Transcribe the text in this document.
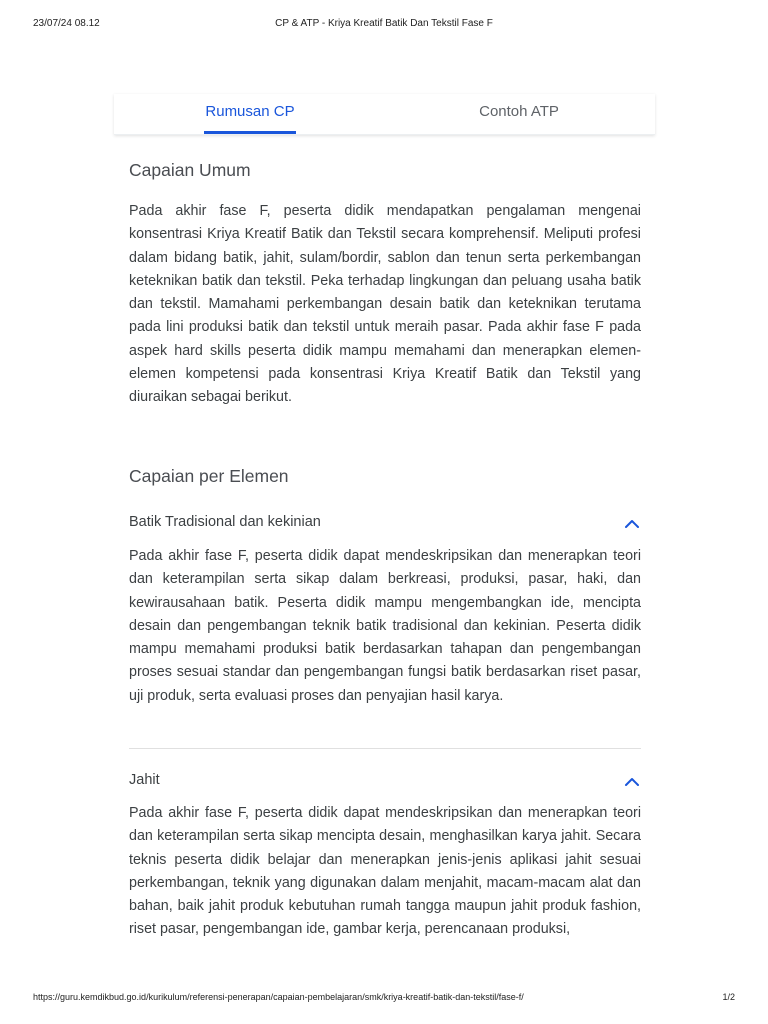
23/07/24 08.12	CP & ATP - Kriya Kreatif Batik Dan Tekstil Fase F
Rumusan CP	Contoh ATP
Capaian Umum

Pada akhir fase F, peserta didik mendapatkan pengalaman mengenai konsentrasi Kriya Kreatif Batik dan Tekstil secara komprehensif. Meliputi profesi dalam bidang batik, jahit, sulam/bordir, sablon dan tenun serta perkembangan keteknikan batik dan tekstil. Peka terhadap lingkungan dan peluang usaha batik dan tekstil. Mamahami perkembangan desain batik dan keteknikan terutama pada lini produksi batik dan tekstil untuk meraih pasar. Pada akhir fase F pada aspek hard skills peserta didik mampu memahami dan menerapkan elemen-elemen kompetensi pada konsentrasi Kriya Kreatif Batik dan Tekstil yang diuraikan sebagai berikut.

Capaian per Elemen
Batik Tradisional dan kekinian

Pada akhir fase F, peserta didik dapat mendeskripsikan dan menerapkan teori dan keterampilan serta sikap dalam berkreasi, produksi, pasar, haki, dan kewirausahaan batik. Peserta didik mampu mengembangkan ide, mencipta desain dan pengembangan teknik batik tradisional dan kekinian. Peserta didik mampu memahami produksi batik berdasarkan tahapan dan pengembangan proses sesuai standar dan pengembangan fungsi batik berdasarkan riset pasar, uji produk, serta evaluasi proses dan penyajian hasil karya.

Jahit

Pada akhir fase F, peserta didik dapat mendeskripsikan dan menerapkan teori dan keterampilan serta sikap mencipta desain, menghasilkan karya jahit. Secara teknis peserta didik belajar dan menerapkan jenis-jenis aplikasi jahit sesuai perkembangan, teknik yang digunakan dalam menjahit, macam-macam alat dan bahan, baik jahit produk kebutuhan rumah tangga maupun jahit produk fashion, riset pasar, pengembangan ide, gambar kerja, perencanaan produksi,

https://guru.kemdikbud.go.id/kurikulum/referensi-penerapan/capaian-pembelajaran/smk/kriya-kreatif-batik-dan-tekstil/fase-f/	1/2
